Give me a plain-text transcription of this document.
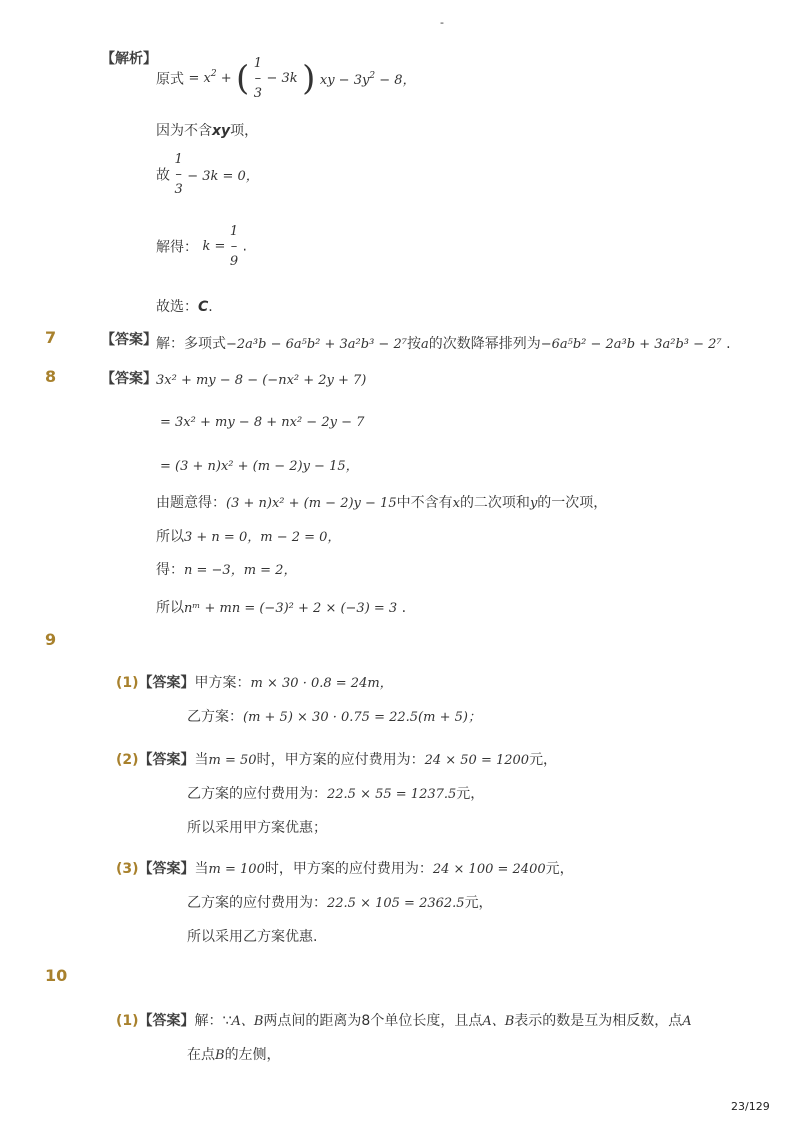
-
【解析】
原式 = $x^2$ + ( 1
–
3
− 3k ) xy − $3y^2 - 8$，
因为不含xy项，
故
1
–
3
− 3k = 0，
解得： k =
1
–
9
.
故选：C.
7	【答案】 解：多项式−2a³b − 6a⁵b² + 3a²b³ − 2⁷按a的次数降幂排列为−6a⁵b² − 2a³b + 3a²b³ − 2⁷ .
8	【答案】 3x² + my − 8 − (−nx² + 2y + 7)
= 3x² + my − 8 + nx² − 2y − 7
= (3 + n)x² + (m − 2)y − 15，
由题意得：(3 + n)x² + (m − 2)y − 15中不含有x的二次项和y的一次项，
所以3 + n = 0，m − 2 = 0，
得：n = −3，m = 2，
所以nᵐ + mn = (−3)² + 2 × (−3) = 3 .
9
(1)【答案】甲方案：m × 30 · 0.8 = 24m，
乙方案：(m + 5) × 30 · 0.75 = 22.5(m + 5)；
(2)【答案】当m = 50时，甲方案的应付费用为：24 × 50 = 1200元，
乙方案的应付费用为：22.5 × 55 = 1237.5元，
所以采用甲方案优惠；
(3)【答案】当m = 100时，甲方案的应付费用为：24 × 100 = 2400元，
乙方案的应付费用为：22.5 × 105 = 2362.5元，
所以采用乙方案优惠.
10
(1)【答案】解：∵A、B两点间的距离为8个单位长度，且点A、B表示的数是互为相反数，点A
在点B的左侧，
23/129
